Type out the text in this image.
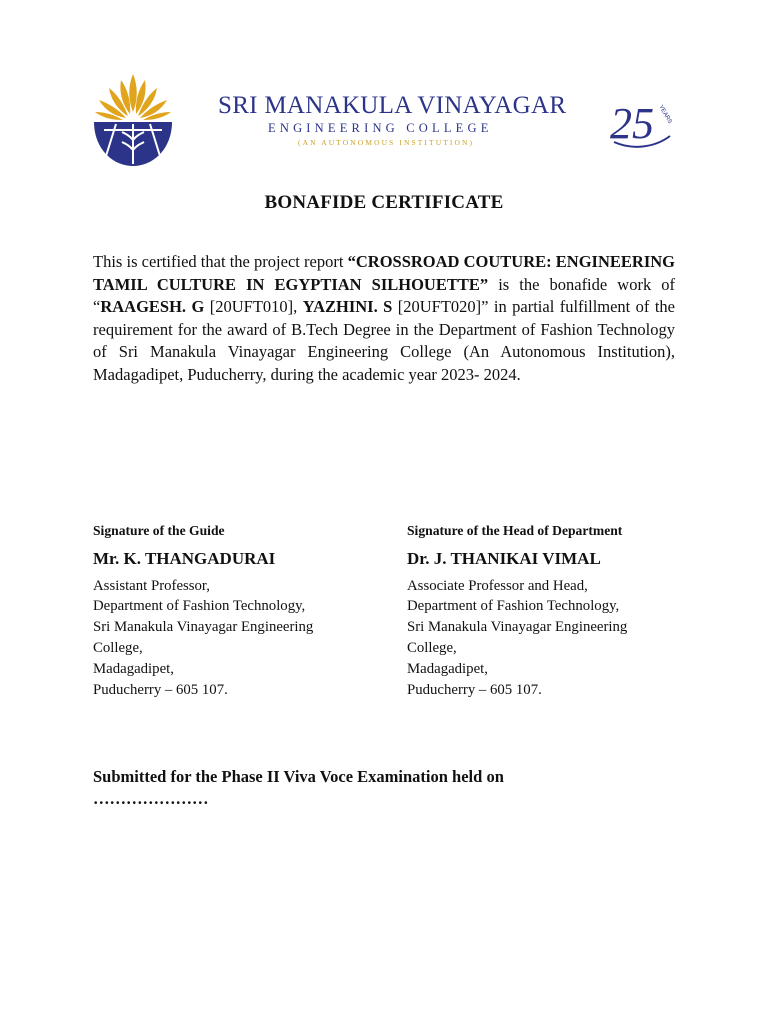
SRI MANAKULA VINAYAGAR
ENGINEERING COLLEGE
(AN AUTONOMOUS INSTITUTION)	25 YEARS
BONAFIDE CERTIFICATE
This is certified that the project report “CROSSROAD COUTURE: ENGINEERING TAMIL CULTURE IN EGYPTIAN SILHOUETTE” is the bonafide work of “RAAGESH. G [20UFT010], YAZHINI. S [20UFT020]” in partial fulfillment of the requirement for the award of B.Tech Degree in the Department of Fashion Technology of Sri Manakula Vinayagar Engineering College (An Autonomous Institution), Madagadipet, Puducherry, during the academic year 2023- 2024.
Signature of the Guide
Mr. K. THANGADURAI
Assistant Professor,
Department of Fashion Technology,
Sri Manakula Vinayagar Engineering
College,
Madagadipet,
Puducherry – 605 107.
Signature of the Head of Department
Dr. J. THANIKAI VIMAL
Associate Professor and Head,
Department of Fashion Technology,
Sri Manakula Vinayagar Engineering
College,
Madagadipet,
Puducherry – 605 107.
Submitted for the Phase II Viva Voce Examination held on
…………………
